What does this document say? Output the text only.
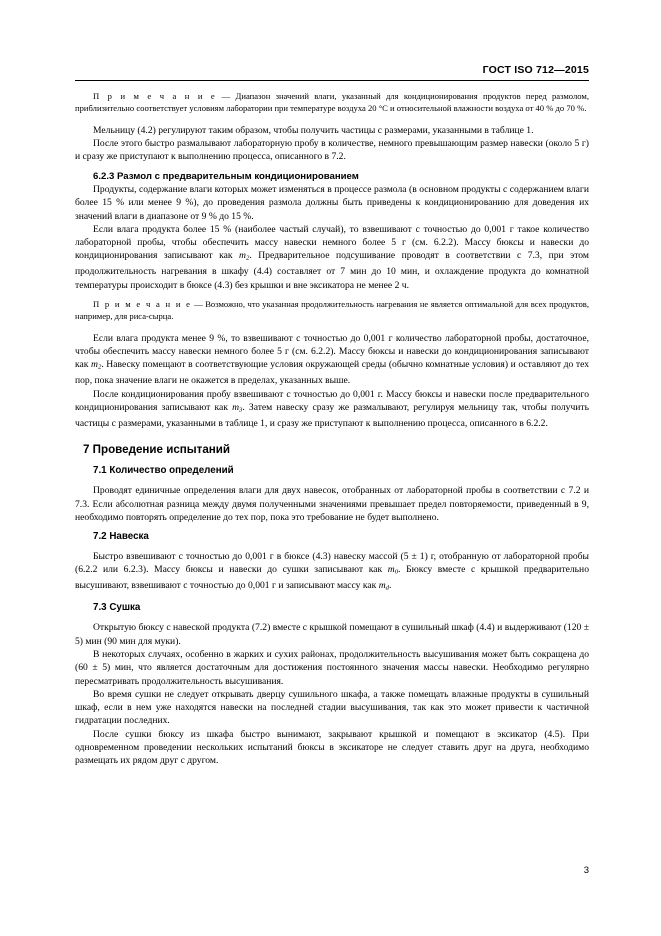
ГОСТ ISO 712—2015

П р и м е ч а н и е — Диапазон значений влаги, указанный для кондиционирования продуктов перед размолом, приблизительно соответствует условиям лаборатории при температуре воздуха 20 °С и относительной влажности воздуха от 40 % до 70 %.

Мельницу (4.2) регулируют таким образом, чтобы получить частицы с размерами, указанными в таблице 1.

После этого быстро размалывают лабораторную пробу в количестве, немного превышающим размер навески (около 5 г) и сразу же приступают к выполнению процесса, описанного в 7.2.

6.2.3 Размол с предварительным кондиционированием

Продукты, содержание влаги которых может изменяться в процессе размола (в основном продукты с содержанием влаги более 15 % или менее 9 %), до проведения размола должны быть приведены к кондиционированию для доведения их значений влаги в диапазоне от 9 % до 15 %.

Если влага продукта более 15 % (наиболее частый случай), то взвешивают с точностью до 0,001 г такое количество лабораторной пробы, чтобы обеспечить массу навески немного более 5 г (см. 6.2.2). Массу бюксы и навески до кондиционирования записывают как $m_2$. Предварительное подсушивание проводят в соответствии с 7.3, при этом продолжительность нагревания в шкафу (4.4) составляет от 7 мин до 10 мин, и охлаждение продукта до комнатной температуры происходит в бюксе (4.3) без крышки и вне эксикатора не менее 2 ч.

П р и м е ч а н и е — Возможно, что указанная продолжительность нагревания не является оптимальной для всех продуктов, например, для риса-сырца.

Если влага продукта менее 9 %, то взвешивают с точностью до 0,001 г количество лабораторной пробы, достаточное, чтобы обеспечить массу навески немного более 5 г (см. 6.2.2). Массу бюксы и навески до кондиционирования записывают как $m_2$. Навеску помещают в соответствующие условия окружающей среды (обычно комнатные условия) и оставляют до тех пор, пока значение влаги не окажется в пределах, указанных выше.

После кондиционирования пробу взвешивают с точностью до 0,001 г. Массу бюксы и навески после предварительного кондиционирования записывают как $m_3$. Затем навеску сразу же размалывают, регулируя мельницу так, чтобы получить частицы с размерами, указанными в таблице 1, и сразу же приступают к выполнению процесса, описанного в 6.2.2.

7 Проведение испытаний
7.1 Количество определений

Проводят единичные определения влаги для двух навесок, отобранных от лабораторной пробы в соответствии с 7.2 и 7.3. Если абсолютная разница между двумя полученными значениями превышает предел повторяемости, приведенный в 9, необходимо повторять определение до тех пор, пока это требование не будет выполнено.

7.2 Навеска

Быстро взвешивают с точностью до 0,001 г в бюксе (4.3) навеску массой (5 ± 1) г, отобранную от лабораторной пробы (6.2.2 или 6.2.3). Массу бюксы и навески до сушки записывают как $m_0$. Бюксу вместе с крышкой предварительно высушивают, взвешивают с точностью до 0,001 г и записывают массу как $m_d$.

7.3 Сушка

Открытую бюксу с навеской продукта (7.2) вместе с крышкой помещают в сушильный шкаф (4.4) и выдерживают (120 ± 5) мин (90 мин для муки).

В некоторых случаях, особенно в жарких и сухих районах, продолжительность высушивания может быть сокращена до (60 ± 5) мин, что является достаточным для достижения постоянного значения массы навески. Необходимо регулярно пересматривать продолжительность высушивания.

Во время сушки не следует открывать дверцу сушильного шкафа, а также помещать влажные продукты в сушильный шкаф, если в нем уже находятся навески на последней стадии высушивания, так как это может привести к частичной гидратации последних.

После сушки бюксу из шкафа быстро вынимают, закрывают крышкой и помещают в эксикатор (4.5). При одновременном проведении нескольких испытаний бюксы в эксикаторе не следует ставить друг на друга, необходимо размещать их рядом друг с другом.

3
